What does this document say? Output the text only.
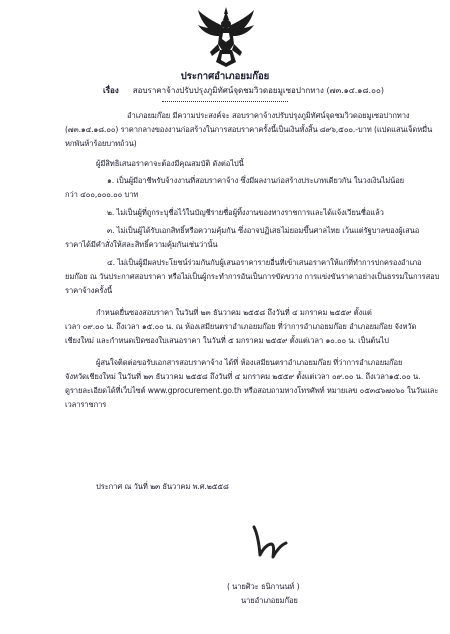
ประกาศอำเภอยมก๊อย
เรื่อง สอบราคาจ้างปรับปรุงภูมิทัศน์จุดชมวิวดอยมูเซอปากทาง (๗๓.๑๔.๑๘.๐๐)
อำเภอยมก๊อย มีความประสงค์จะ สอบราคาจ้างปรับปรุงภูมิทัศน์จุดชมวิวดอยมูเซอปากทาง
(๗๓.๑๔.๑๘.๐๐) ราคากลางของงานก่อสร้างในการสอบราคาครั้งนี้เป็นเงินทั้งสิ้น ๘๙๖,๕๐๐.-บาท (แปดแสนเจ็ดหมื่น
หกพันห้าร้อยบาทถ้วน)
ผู้มีสิทธิเสนอราคาจะต้องมีคุณสมบัติ ดังต่อไปนี้
๑. เป็นผู้มีอาชีพรับจ้างงานที่สอบราคาจ้าง ซึ่งมีผลงานก่อสร้างประเภทเดียวกัน ในวงเงินไม่น้อย
กว่า ๔๐๐,๐๐๐.๐๐ บาท
๒. ไม่เป็นผู้ที่ถูกระบุชื่อไว้ในบัญชีรายชื่อผู้ทิ้งงานของทางราชการและได้แจ้งเวียนชื่อแล้ว
๓. ไม่เป็นผู้ได้รับเอกสิทธิ์หรือความคุ้มกัน ซึ่งอาจปฏิเสธไม่ยอมขึ้นศาลไทย เว้นแต่รัฐบาลของผู้เสนอ
ราคาได้มีคำสั่งให้สละสิทธิ์ความคุ้มกันเช่นว่านั้น
๔. ไม่เป็นผู้มีผลประโยชน์ร่วมกันกับผู้เสนอราคารายอื่นที่เข้าเสนอราคาให้แก่ที่ทำการปกครองอำเภอ
ยมก๊อย ณ วันประกาศสอบราคา หรือไม่เป็นผู้กระทำการอันเป็นการขัดขวาง การแข่งขันราคาอย่างเป็นธรรมในการสอบ
ราคาจ้างครั้งนี้
กำหนดยื่นซองสอบราคา ในวันที่ ๒๓ ธันวาคม ๒๕๕๘ ถึงวันที่ ๔ มกราคม ๒๕๕๙ ตั้งแต่
เวลา ๐๙.๐๐ น. ถึงเวลา ๑๕.๐๐ น. ณ ห้องเสมียนตราอำเภอยมก๊อย ที่ว่าการอำเภอยมก๊อย อำเภอยมก๊อย จังหวัด
เชียงใหม่ และกำหนดเปิดซองใบเสนอราคา ในวันที่ ๕ มกราคม ๒๕๕๙ ตั้งแต่เวลา ๑๐.๐๐ น. เป็นต้นไป
ผู้สนใจติดต่อขอรับเอกสารสอบราคาจ้าง ได้ที่ ห้องเสมียนตราอำเภอยมก๊อย ที่ว่าการอำเภอยมก๊อย
จังหวัดเชียงใหม่ ในวันที่ ๒๓ ธันวาคม ๒๕๕๘ ถึงวันที่ ๔ มกราคม ๒๕๕๙ ตั้งแต่เวลา ๐๙.๐๐ น. ถึงเวลา๑๕.๐๐ น.
ดูรายละเอียดได้ที่เว็บไซต์ www.gprocurement.go.th หรือสอบถามทางโทรศัพท์ หมายเลข ๐๕๓๔๖๗๐๖๐ ในวันและ
เวลาราชการ
ประกาศ ณ วันที่ ๒๓ ธันวาคม พ.ศ.๒๕๕๘
( นายศิวะ ธนิกานนท์ )
นายอำเภอยมก๊อย
